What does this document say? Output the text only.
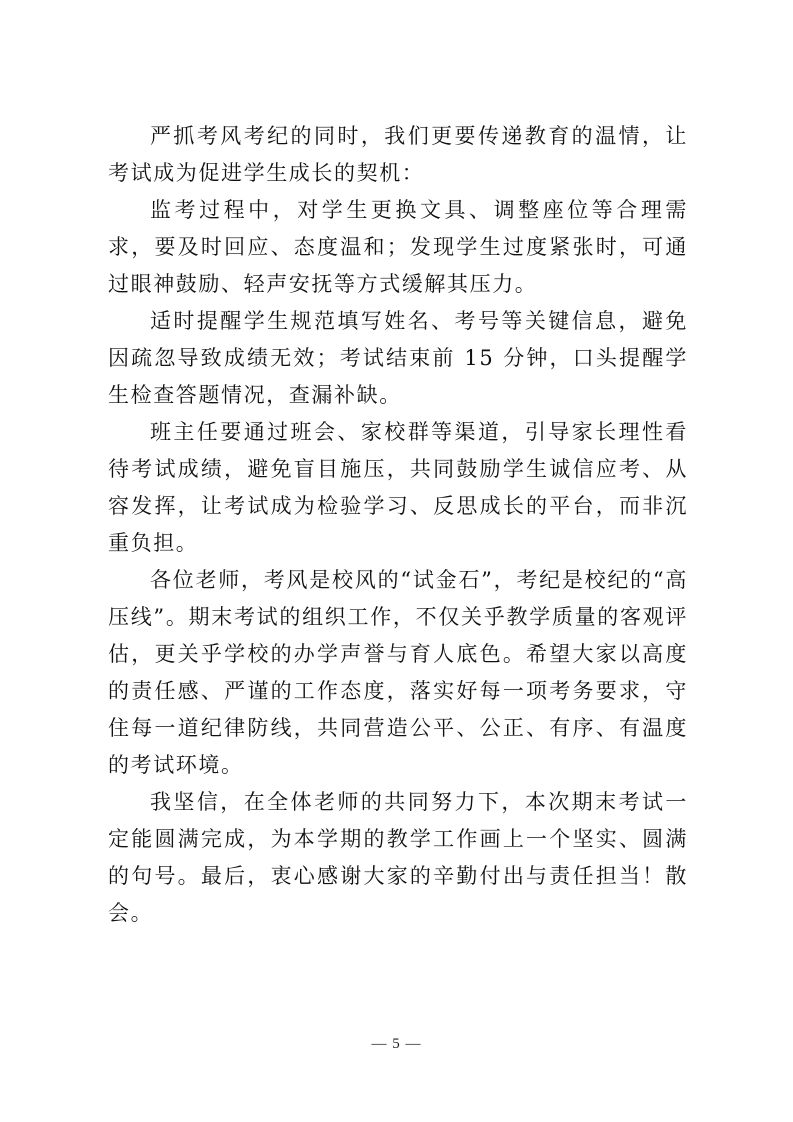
严抓考风考纪的同时，我们更要传递教育的温情，让考试成为促进学生成长的契机：

监考过程中，对学生更换文具、调整座位等合理需求，要及时回应、态度温和；发现学生过度紧张时，可通过眼神鼓励、轻声安抚等方式缓解其压力。

适时提醒学生规范填写姓名、考号等关键信息，避免因疏忽导致成绩无效；考试结束前 15 分钟，口头提醒学生检查答题情况，查漏补缺。

班主任要通过班会、家校群等渠道，引导家长理性看待考试成绩，避免盲目施压，共同鼓励学生诚信应考、从容发挥，让考试成为检验学习、反思成长的平台，而非沉重负担。

各位老师，考风是校风的“试金石”，考纪是校纪的“高压线”。期末考试的组织工作，不仅关乎教学质量的客观评估，更关乎学校的办学声誉与育人底色。希望大家以高度的责任感、严谨的工作态度，落实好每一项考务要求，守住每一道纪律防线，共同营造公平、公正、有序、有温度的考试环境。

我坚信，在全体老师的共同努力下，本次期末考试一定能圆满完成，为本学期的教学工作画上一个坚实、圆满的句号。最后，衷心感谢大家的辛勤付出与责任担当！散会。

— 5 —
